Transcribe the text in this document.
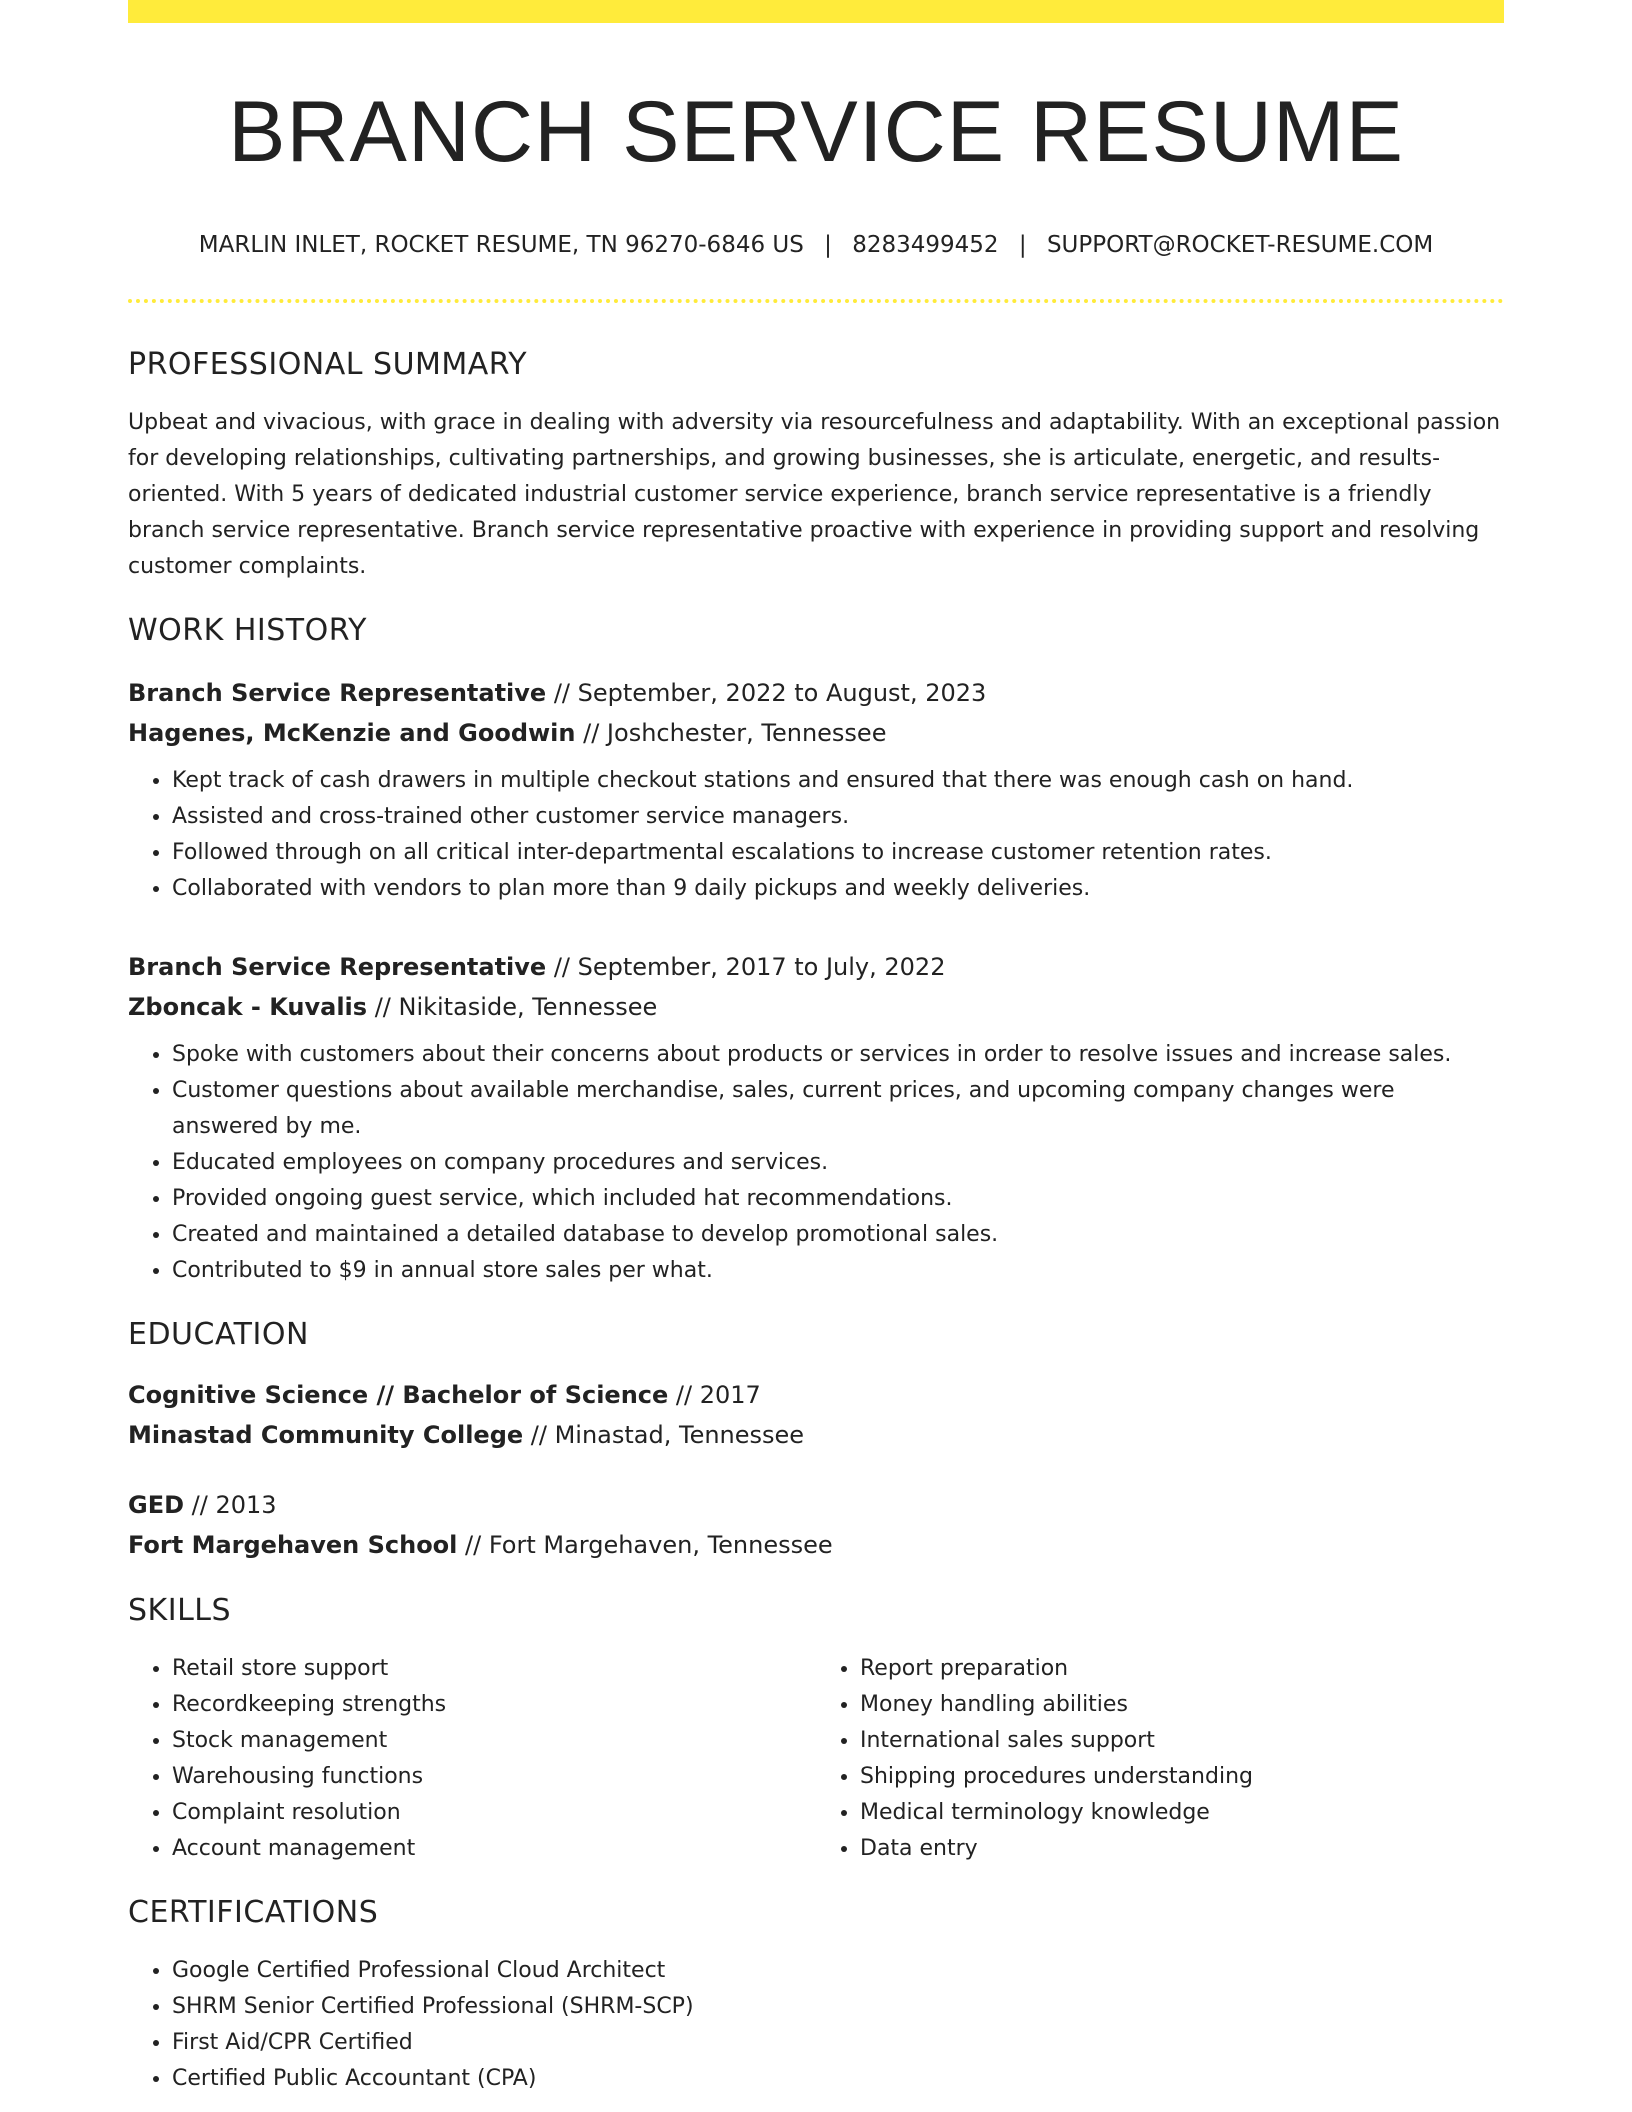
BRANCH SERVICE RESUME
MARLIN INLET, ROCKET RESUME, TN 96270-6846 US | 8283499452 | SUPPORT@ROCKET-RESUME.COM
PROFESSIONAL SUMMARY
Upbeat and vivacious, with grace in dealing with adversity via resourcefulness and adaptability. With an exceptional passion for developing relationships, cultivating partnerships, and growing businesses, she is articulate, energetic, and results-oriented. With 5 years of dedicated industrial customer service experience, branch service representative is a friendly branch service representative. Branch service representative proactive with experience in providing support and resolving customer complaints.
WORK HISTORY
Branch Service Representative // September, 2022 to August, 2023
Hagenes, McKenzie and Goodwin // Joshchester, Tennessee
• Kept track of cash drawers in multiple checkout stations and ensured that there was enough cash on hand.
• Assisted and cross-trained other customer service managers.
• Followed through on all critical inter-departmental escalations to increase customer retention rates.
• Collaborated with vendors to plan more than 9 daily pickups and weekly deliveries.
Branch Service Representative // September, 2017 to July, 2022
Zboncak - Kuvalis // Nikitaside, Tennessee
• Spoke with customers about their concerns about products or services in order to resolve issues and increase sales.
• Customer questions about available merchandise, sales, current prices, and upcoming company changes were answered by me.
• Educated employees on company procedures and services.
• Provided ongoing guest service, which included hat recommendations.
• Created and maintained a detailed database to develop promotional sales.
• Contributed to $9 in annual store sales per what.
EDUCATION
Cognitive Science // Bachelor of Science // 2017
Minastad Community College // Minastad, Tennessee
GED // 2013
Fort Margehaven School // Fort Margehaven, Tennessee
SKILLS
• Retail store support
• Recordkeeping strengths
• Stock management
• Warehousing functions
• Complaint resolution
• Account management
• Report preparation
• Money handling abilities
• International sales support
• Shipping procedures understanding
• Medical terminology knowledge
• Data entry
CERTIFICATIONS
• Google Certified Professional Cloud Architect
• SHRM Senior Certified Professional (SHRM-SCP)
• First Aid/CPR Certified
• Certified Public Accountant (CPA)
